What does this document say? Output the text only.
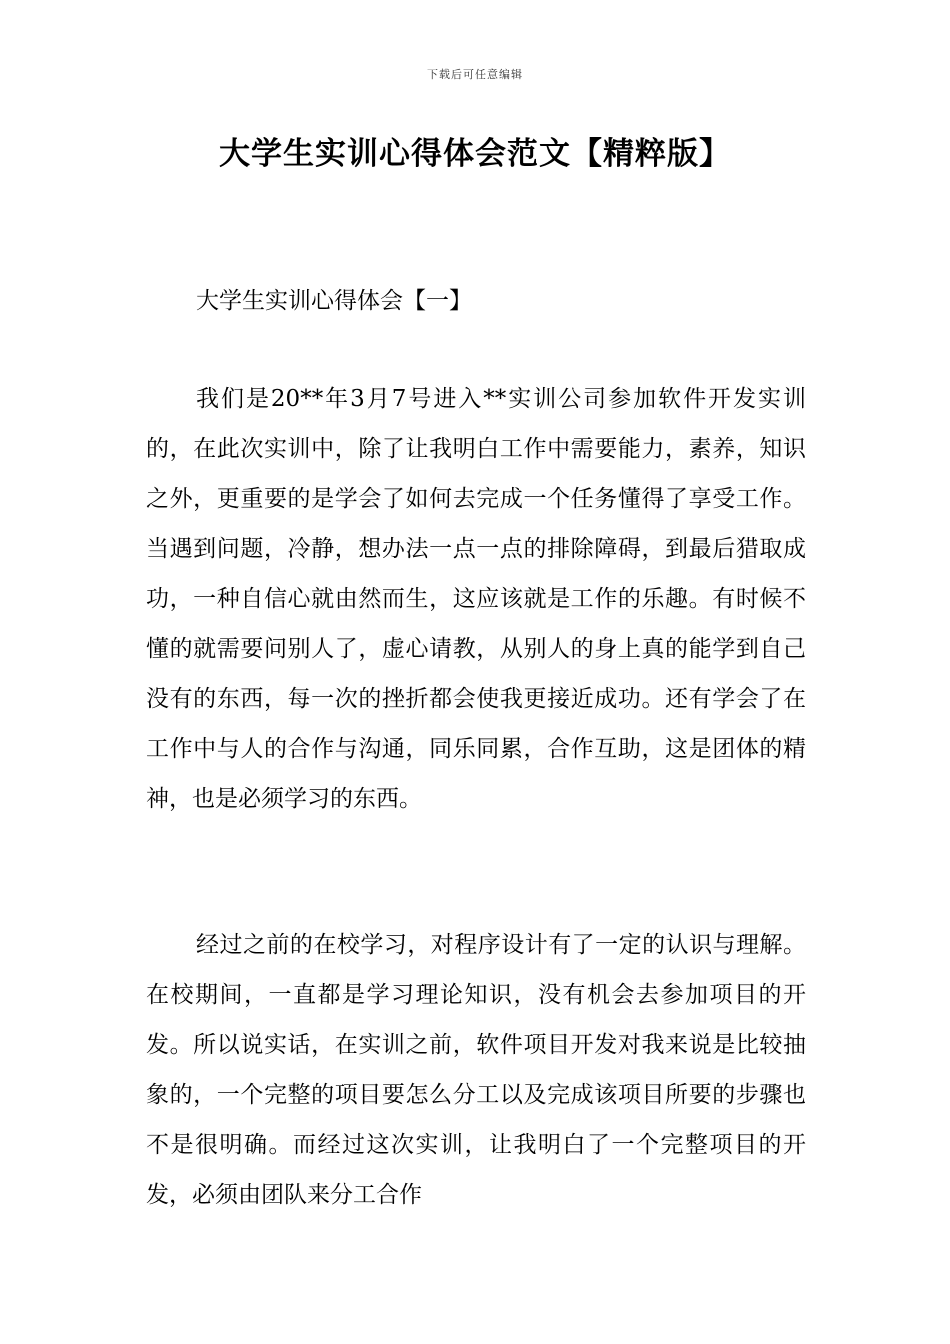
下载后可任意编辑
大学生实训心得体会范文【精粹版】
大学生实训心得体会【一】

我们是20**年3月7号进入**实训公司参加软件开发实训的，在此次实训中，除了让我明白工作中需要能力，素养，知识之外，更重要的是学会了如何去完成一个任务懂得了享受工作。当遇到问题，冷静，想办法一点一点的排除障碍，到最后猎取成功，一种自信心就由然而生，这应该就是工作的乐趣。有时候不懂的就需要问别人了，虚心请教，从别人的身上真的能学到自己没有的东西，每一次的挫折都会使我更接近成功。还有学会了在工作中与人的合作与沟通，同乐同累，合作互助，这是团体的精神，也是必须学习的东西。

经过之前的在校学习，对程序设计有了一定的认识与理解。在校期间，一直都是学习理论知识，没有机会去参加项目的开发。所以说实话，在实训之前，软件项目开发对我来说是比较抽象的，一个完整的项目要怎么分工以及完成该项目所要的步骤也不是很明确。而经过这次实训，让我明白了一个完整项目的开发，必须由团队来分工合作
